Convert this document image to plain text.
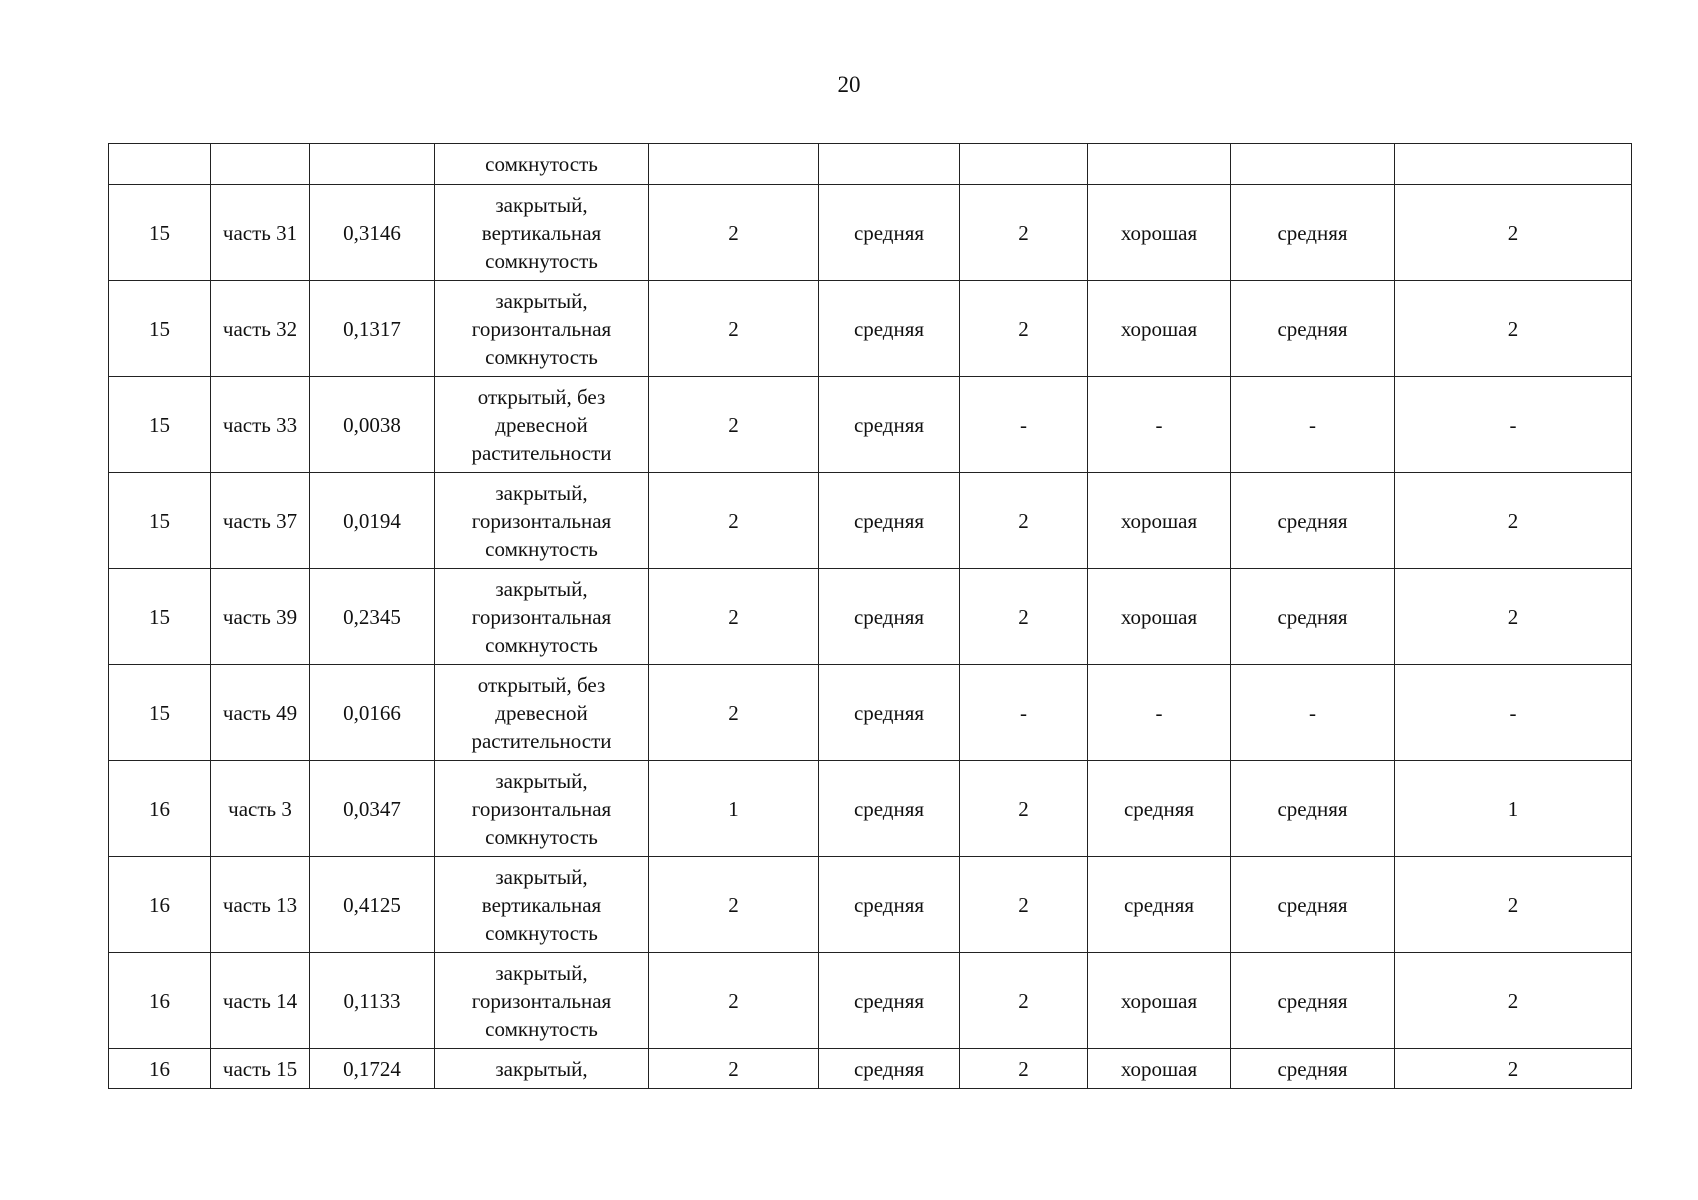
20
			сомкнутость						
15	часть 31	0,3146	закрытый,
вертикальная
сомкнутость	2	средняя	2	хорошая	средняя	2
15	часть 32	0,1317	закрытый,
горизонтальная
сомкнутость	2	средняя	2	хорошая	средняя	2
15	часть 33	0,0038	открытый, без
древесной
растительности	2	средняя	-	-	-	-
15	часть 37	0,0194	закрытый,
горизонтальная
сомкнутость	2	средняя	2	хорошая	средняя	2
15	часть 39	0,2345	закрытый,
горизонтальная
сомкнутость	2	средняя	2	хорошая	средняя	2
15	часть 49	0,0166	открытый, без
древесной
растительности	2	средняя	-	-	-	-
16	часть 3	0,0347	закрытый,
горизонтальная
сомкнутость	1	средняя	2	средняя	средняя	1
16	часть 13	0,4125	закрытый,
вертикальная
сомкнутость	2	средняя	2	средняя	средняя	2
16	часть 14	0,1133	закрытый,
горизонтальная
сомкнутость	2	средняя	2	хорошая	средняя	2
16	часть 15	0,1724	закрытый,	2	средняя	2	хорошая	средняя	2
